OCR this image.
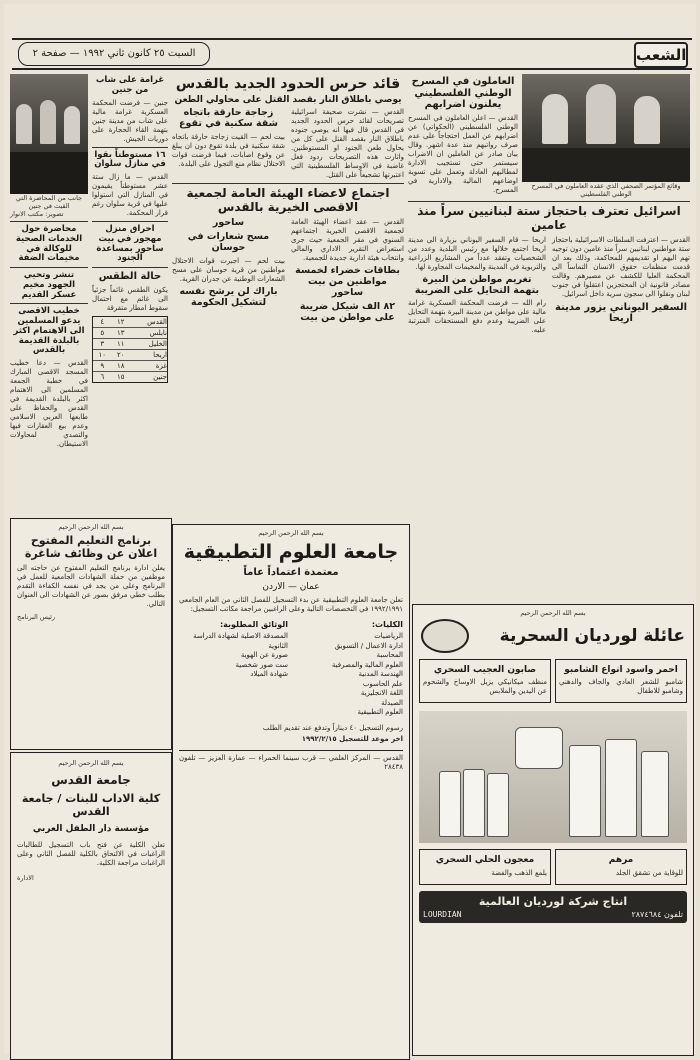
الشعب
السبت ٢٥ كانون ثاني ١٩٩٢ — صفحة ٢
وقائع المؤتمر الصحفي الذي عقده العاملون في المسرح الوطني الفلسطيني
العاملون في المسرح الوطني الفلسطيني يعلنون اضرابهم

القدس — اعلن العاملون في المسرح الوطني الفلسطيني (الحكواتي) عن اضرابهم عن العمل احتجاجاً على عدم صرف رواتبهم منذ عدة اشهر. وقال بيان صادر عن العاملين ان الاضراب سيستمر حتى تستجيب الادارة لمطالبهم العادلة وتعمل على تسوية اوضاعهم المالية والادارية في المسرح.

اسرائيل تعترف باحتجاز ستة لبنانيين سراً منذ عامين

القدس — اعترفت السلطات الاسرائيلية باحتجاز ستة مواطنين لبنانيين سراً منذ عامين دون توجيه تهم اليهم او تقديمهم للمحاكمة، وذلك بعد ان قدمت منظمات حقوق الانسان التماساً الى المحكمة العليا للكشف عن مصيرهم. وقالت مصادر قانونية ان المحتجزين اعتقلوا في جنوب لبنان ونقلوا الى سجون سرية داخل اسرائيل.

السفير اليوناني يزور مدينة اريحا

اريحا — قام السفير اليوناني بزيارة الى مدينة اريحا اجتمع خلالها مع رئيس البلدية وعدد من الشخصيات وتفقد عدداً من المشاريع الزراعية والتربوية في المدينة والمخيمات المجاورة لها.

تغريم مواطن من البيرة بتهمة التحايل على الضريبة

رام الله — فرضت المحكمة العسكرية غرامة مالية على مواطن من مدينة البيرة بتهمة التحايل على الضريبة وعدم دفع المستحقات المترتبة عليه.

قائد حرس الحدود الجديد بالقدس
يوصي باطلاق النار بقصد القتل على محاولي الطعن

القدس — نشرت صحيفة اسرائيلية تصريحات لقائد حرس الحدود الجديد في القدس قال فيها انه يوصي جنوده باطلاق النار بقصد القتل على كل من يحاول طعن الجنود او المستوطنين. واثارت هذه التصريحات ردود فعل غاضبة في الاوساط الفلسطينية التي اعتبرتها تشجيعاً على القتل.

زجاجة حارقة باتجاه شقة سكنية في تقوع

بيت لحم — القيت زجاجة حارقة باتجاه شقة سكنية في بلدة تقوع دون ان يبلغ عن وقوع اصابات، فيما فرضت قوات الاحتلال نظام منع التجول على البلدة.

اجتماع لاعضاء الهيئة العامة لجمعية الاقصى الخيرية بالقدس

القدس — عقد اعضاء الهيئة العامة لجمعية الاقصى الخيرية اجتماعهم السنوي في مقر الجمعية حيث جرى استعراض التقرير الاداري والمالي وانتخاب هيئة ادارية جديدة للجمعية.

بطاقات خضراء لخمسة مواطنين من بيت ساحور
٨٢ الف شيكل ضريبة على مواطن من بيت ساحور
مسح شعارات في حوسان

بيت لحم — اجبرت قوات الاحتلال مواطنين من قرية حوسان على مسح الشعارات الوطنية عن جدران القرية.

باراك لن يرشح نفسه لتشكيل الحكومة
غرامة على شاب من جنين

جنين — فرضت المحكمة العسكرية غرامة مالية على شاب من مدينة جنين بتهمة القاء الحجارة على دوريات الجيش.

١٦ مستوطناً بقوا في منازل سلوان

القدس — ما زال ستة عشر مستوطناً يقيمون في المنازل التي استولوا عليها في قرية سلوان رغم قرار المحكمة.

احراق منزل مهجور في بيت ساحور بمساعدة الجنود
حالة الطقس

يكون الطقس غائماً جزئياً الى غائم مع احتمال سقوط امطار متفرقة

القدس
١٢
٤
نابلس
١٣
٥
الخليل
١١
٣
اريحا
٢٠
١٠
غزة
١٨
٩
جنين
١٥
٦
جانب من المحاضرة التي القيت في جنين
تصوير: مكتب الانوار
محاضرة حول الخدمات الصحية للوكالة في مخيمات الضفة
تنشر وتحيي الجهود مخيم عسكر القديم
خطيب الاقصى يدعو المسلمين الى الاهتمام اكثر بالبلدة القديمة بالقدس

القدس — دعا خطيب المسجد الاقصى المبارك في خطبة الجمعة المسلمين الى الاهتمام اكثر بالبلدة القديمة في القدس والحفاظ على طابعها العربي الاسلامي وعدم بيع العقارات فيها والتصدي لمحاولات الاستيطان.

بسم الله الرحمن الرحيم
جامعة العلوم التطبيقية
معتمدة اعتماداً عاماً
عمان — الاردن

تعلن جامعة العلوم التطبيقية عن بدء التسجيل للفصل الثاني من العام الجامعي ١٩٩٢/١٩٩١ في التخصصات التالية وعلى الراغبين مراجعة مكاتب التسجيل:

الكليات:
الرياضيات
ادارة الاعمال / التسويق
المحاسبة
العلوم المالية والمصرفية
الهندسة المدنية
علم الحاسوب
اللغة الانجليزية
الصيدلة
العلوم التطبيقية
الوثائق المطلوبة:
المصدقة الاصلية لشهادة الدراسة الثانوية
صورة عن الهوية
ست صور شخصية
شهادة الميلاد

رسوم التسجيل ٤٠ ديناراً وتدفع عند تقديم الطلب

اخر موعد للتسجيل ١٩٩٢/٢/١٥

القدس — المركز العلمي — قرب سينما الحمراء — عمارة العزيز — تلفون ٢٨٤٣٨

بسم الله الرحمن الرحيم
برنامج التعليم المفتوح اعلان عن وظائف شاغرة

يعلن ادارة برنامج التعليم المفتوح عن حاجته الى موظفين من حملة الشهادات الجامعية للعمل في البرنامج وعلى من يجد في نفسه الكفاءة التقدم بطلب خطي مرفق بصور عن الشهادات الى العنوان التالي.

رئيس البرنامج
بسم الله الرحمن الرحيم
جامعة القدس
كلية الاداب للبنات / جامعة القدس
مؤسسة دار الطفل العربي

تعلن الكلية عن فتح باب التسجيل للطالبات الراغبات في الالتحاق بالكلية للفصل الثاني وعلى الراغبات مراجعة الكلية.

الادارة
بسم الله الرحمن الرحيم
عائلة لورديان السحرية
احمر واسود انواع الشامبو

شامبو للشعر العادي والجاف والدهني وشامبو للاطفال

صابون العجيب السحري

منظف ميكانيكي يزيل الاوساخ والشحوم عن اليدين والملابس

مرهم

للوقاية من تشقق الجلد

معجون الحلي السحري

يلمع الذهب والفضة

انتاج شركة لورديان العالمية
تلفون ٢٨٧٤٦٨٤
LOURDIAN
